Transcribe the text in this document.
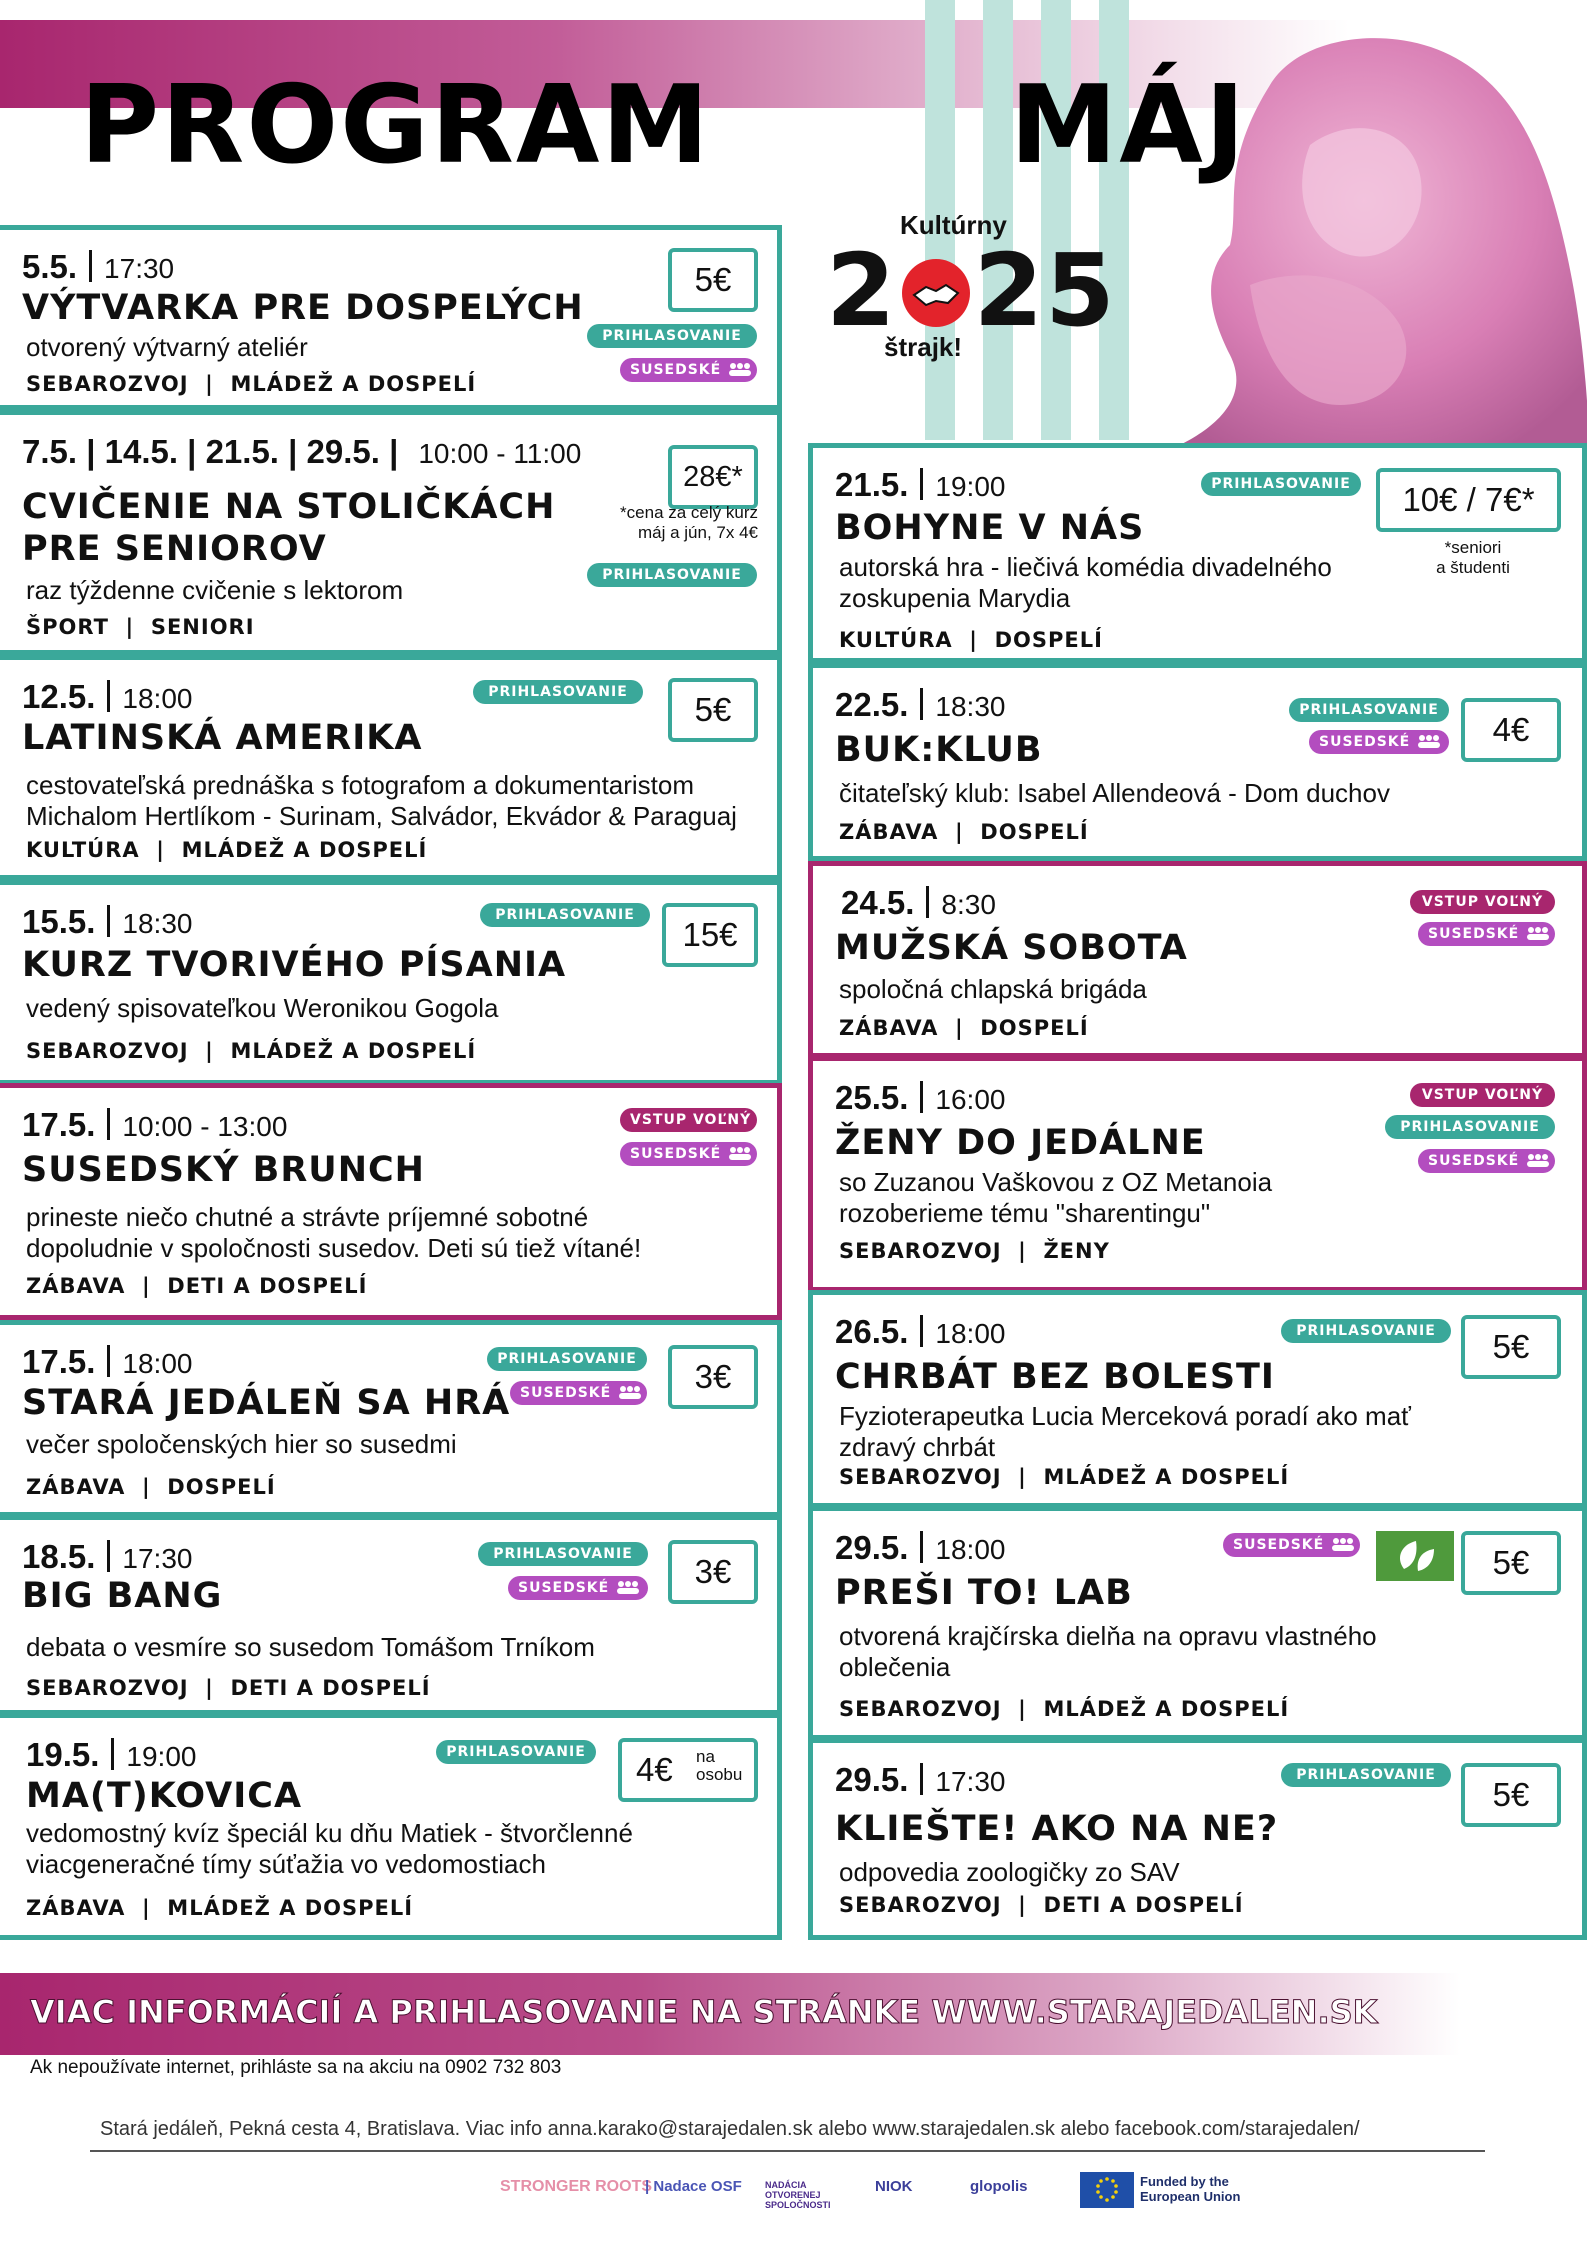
PROGRAM   MÁJ
Kultúrny
2 25
štrajk!
5.5. 17:30
VÝTVARKA PRE DOSPELÝCH
otvorený výtvarný ateliér
SEBAROZVOJ  |  MLÁDEŽ A DOSPELÍ
5€
PRIHLASOVANIE
SUSEDSKÉ
7.5. | 14.5. | 21.5. | 29.5. | 10:00 - 11:00
CVIČENIE NA STOLIČKÁCH
PRE SENIOROV
raz týždenne cvičenie s lektorom
ŠPORT  |  SENIORI
28€*
*cena za celý kurz
máj a jún, 7x 4€
PRIHLASOVANIE
12.5. 18:00
LATINSKÁ AMERIKA
cestovateľská prednáška s fotografom a dokumentaristom
Michalom Hertlíkom - Surinam, Salvádor, Ekvádor & Paraguaj
KULTÚRA  |  MLÁDEŽ A DOSPELÍ
5€
PRIHLASOVANIE
15.5. 18:30
KURZ TVORIVÉHO PÍSANIA
vedený spisovateľkou Weronikou Gogola
SEBAROZVOJ  |  MLÁDEŽ A DOSPELÍ
15€
PRIHLASOVANIE
17.5. 10:00 - 13:00
SUSEDSKÝ BRUNCH
prineste niečo chutné a strávte príjemné sobotné
dopoludnie v spoločnosti susedov. Deti sú tiež vítané!
ZÁBAVA  |  DETI A DOSPELÍ
VSTUP VOĽNÝ
SUSEDSKÉ
17.5. 18:00
STARÁ JEDÁLEŇ SA HRÁ
večer spoločenských hier so susedmi
ZÁBAVA  |  DOSPELÍ
3€
PRIHLASOVANIE
SUSEDSKÉ
18.5. 17:30
BIG BANG
debata o vesmíre so susedom Tomášom Trníkom
SEBAROZVOJ  |  DETI A DOSPELÍ
3€
PRIHLASOVANIE
SUSEDSKÉ
19.5. 19:00
MA(T)KOVICA
vedomostný kvíz špeciál ku dňu Matiek - štvorčlenné
viacgeneračné tímy súťažia vo vedomostiach
ZÁBAVA  |  MLÁDEŽ A DOSPELÍ
4€ na
osobu
PRIHLASOVANIE
21.5. 19:00
BOHYNE V NÁS
autorská hra - liečivá komédia divadelného
zoskupenia Marydia
KULTÚRA  |  DOSPELÍ
10€ / 7€*
*seniori
a študenti
PRIHLASOVANIE
22.5. 18:30
BUK:KLUB
čitateľský klub: Isabel Allendeová - Dom duchov
ZÁBAVA  |  DOSPELÍ
4€
PRIHLASOVANIE
SUSEDSKÉ
24.5. 8:30
MUŽSKÁ SOBOTA
spoločná chlapská brigáda
ZÁBAVA  |  DOSPELÍ
VSTUP VOĽNÝ
SUSEDSKÉ
25.5. 16:00
ŽENY DO JEDÁLNE
so Zuzanou Vaškovou z OZ Metanoia
rozoberieme tému "sharentingu"
SEBAROZVOJ  |  ŽENY
VSTUP VOĽNÝ
PRIHLASOVANIE
SUSEDSKÉ
26.5. 18:00
CHRBÁT BEZ BOLESTI
Fyzioterapeutka Lucia Merceková poradí ako mať
zdravý chrbát
SEBAROZVOJ  |  MLÁDEŽ A DOSPELÍ
5€
PRIHLASOVANIE
29.5. 18:00
PREŠI TO! LAB
otvorená krajčírska dielňa na opravu vlastného
oblečenia
SEBAROZVOJ  |  MLÁDEŽ A DOSPELÍ
5€
SUSEDSKÉ
29.5. 17:30
KLIEŠTE! AKO NA NE?
odpovedia zoologičky zo SAV
SEBAROZVOJ  |  DETI A DOSPELÍ
5€
PRIHLASOVANIE
VIAC INFORMÁCIÍ A PRIHLASOVANIE NA STRÁNKE WWW.STARAJEDALEN.SK
Ak nepoužívate internet, prihláste sa na akciu na 0902 732 803
Stará jedáleň, Pekná cesta 4, Bratislava. Viac info anna.karako@starajedalen.sk alebo www.starajedalen.sk alebo facebook.com/starajedalen/
STRONGER ROOTS
| Nadace OSF	NADÁCIA OTVORENEJ SPOLOČNOSTI
NIOK	glopolis	Funded by the European Union
